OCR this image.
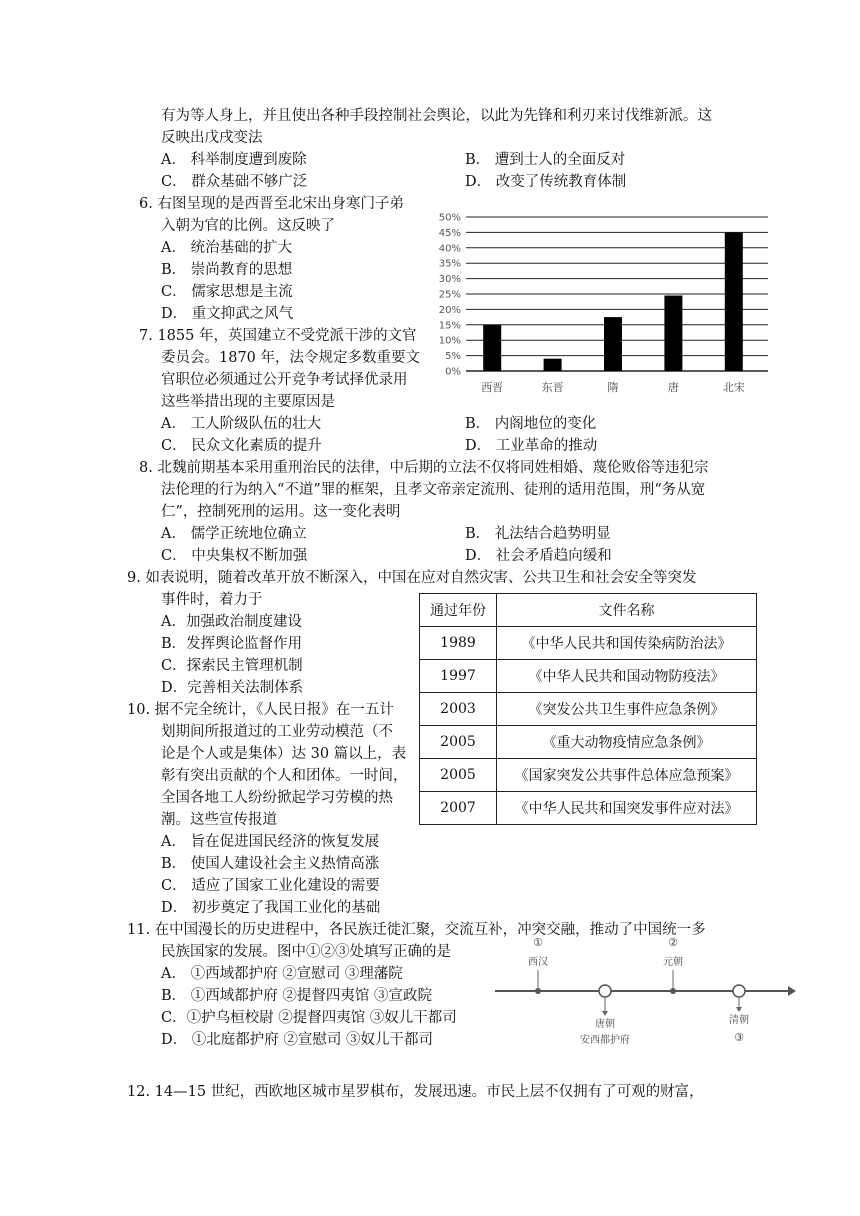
有为等人身上，并且使出各种手段控制社会舆论，以此为先锋和利刃来讨伐维新派。这
反映出戊戌变法
A． 科举制度遭到废除	B． 遭到士人的全面反对
C． 群众基础不够广泛	D． 改变了传统教育体制
6. 右图呈现的是西晋至北宋出身寒门子弟
入朝为官的比例。这反映了
A． 统治基础的扩大
B． 崇尚教育的思想
C． 儒家思想是主流
D． 重文抑武之风气
0%
5%
10%
15%
20%
25%
30%
35%
40%
45%
50%
西晋	东晋	隋	唐	北宋
7. 1855 年，英国建立不受党派干涉的文官
委员会。1870 年，法令规定多数重要文
官职位必须通过公开竞争考试择优录用
这些举措出现的主要原因是
A． 工人阶级队伍的壮大	B． 内阁地位的变化
C． 民众文化素质的提升	D． 工业革命的推动
8. 北魏前期基本采用重刑治民的法律，中后期的立法不仅将同姓相婚、蔑伦败俗等违犯宗
法伦理的行为纳入“不道”罪的框架，且孝文帝亲定流刑、徒刑的适用范围，刑“务从宽
仁”，控制死刑的运用。这一变化表明
A． 儒学正统地位确立	B． 礼法结合趋势明显
C． 中央集权不断加强	D． 社会矛盾趋向缓和
9. 如表说明，随着改革开放不断深入，中国在应对自然灾害、公共卫生和社会安全等突发
事件时，着力于
A．加强政治制度建设
B．发挥舆论监督作用
C．探索民主管理机制
D．完善相关法制体系
通过年份	文件名称
1989	《中华人民共和国传染病防治法》
1997	《中华人民共和国动物防疫法》
2003	《突发公共卫生事件应急条例》
2005	《重大动物疫情应急条例》
2005	《国家突发公共事件总体应急预案》
2007	《中华人民共和国突发事件应对法》
10. 据不完全统计，《人民日报》在一五计
划期间所报道过的工业劳动模范（不
论是个人或是集体）达 30 篇以上，表
彰有突出贡献的个人和团体。一时间，
全国各地工人纷纷掀起学习劳模的热
潮。这些宣传报道
A． 旨在促进国民经济的恢复发展
B． 使国人建设社会主义热情高涨
C． 适应了国家工业化建设的需要
D． 初步奠定了我国工业化的基础
11. 在中国漫长的历史进程中，各民族迁徙汇聚，交流互补，冲突交融，推动了中国统一多
民族国家的发展。图中①②③处填写正确的是
A． ①西域都护府 ②宣慰司 ③理藩院
B． ①西域都护府 ②提督四夷馆 ③宣政院
C．①护乌桓校尉 ②提督四夷馆 ③奴儿干都司
D． ①北庭都护府 ②宣慰司 ③奴儿干都司
①
西汉
唐朝
安西都护府
②
元朝
清朝
③
12. 14—15 世纪，西欧地区城市星罗棋布，发展迅速。市民上层不仅拥有了可观的财富，
